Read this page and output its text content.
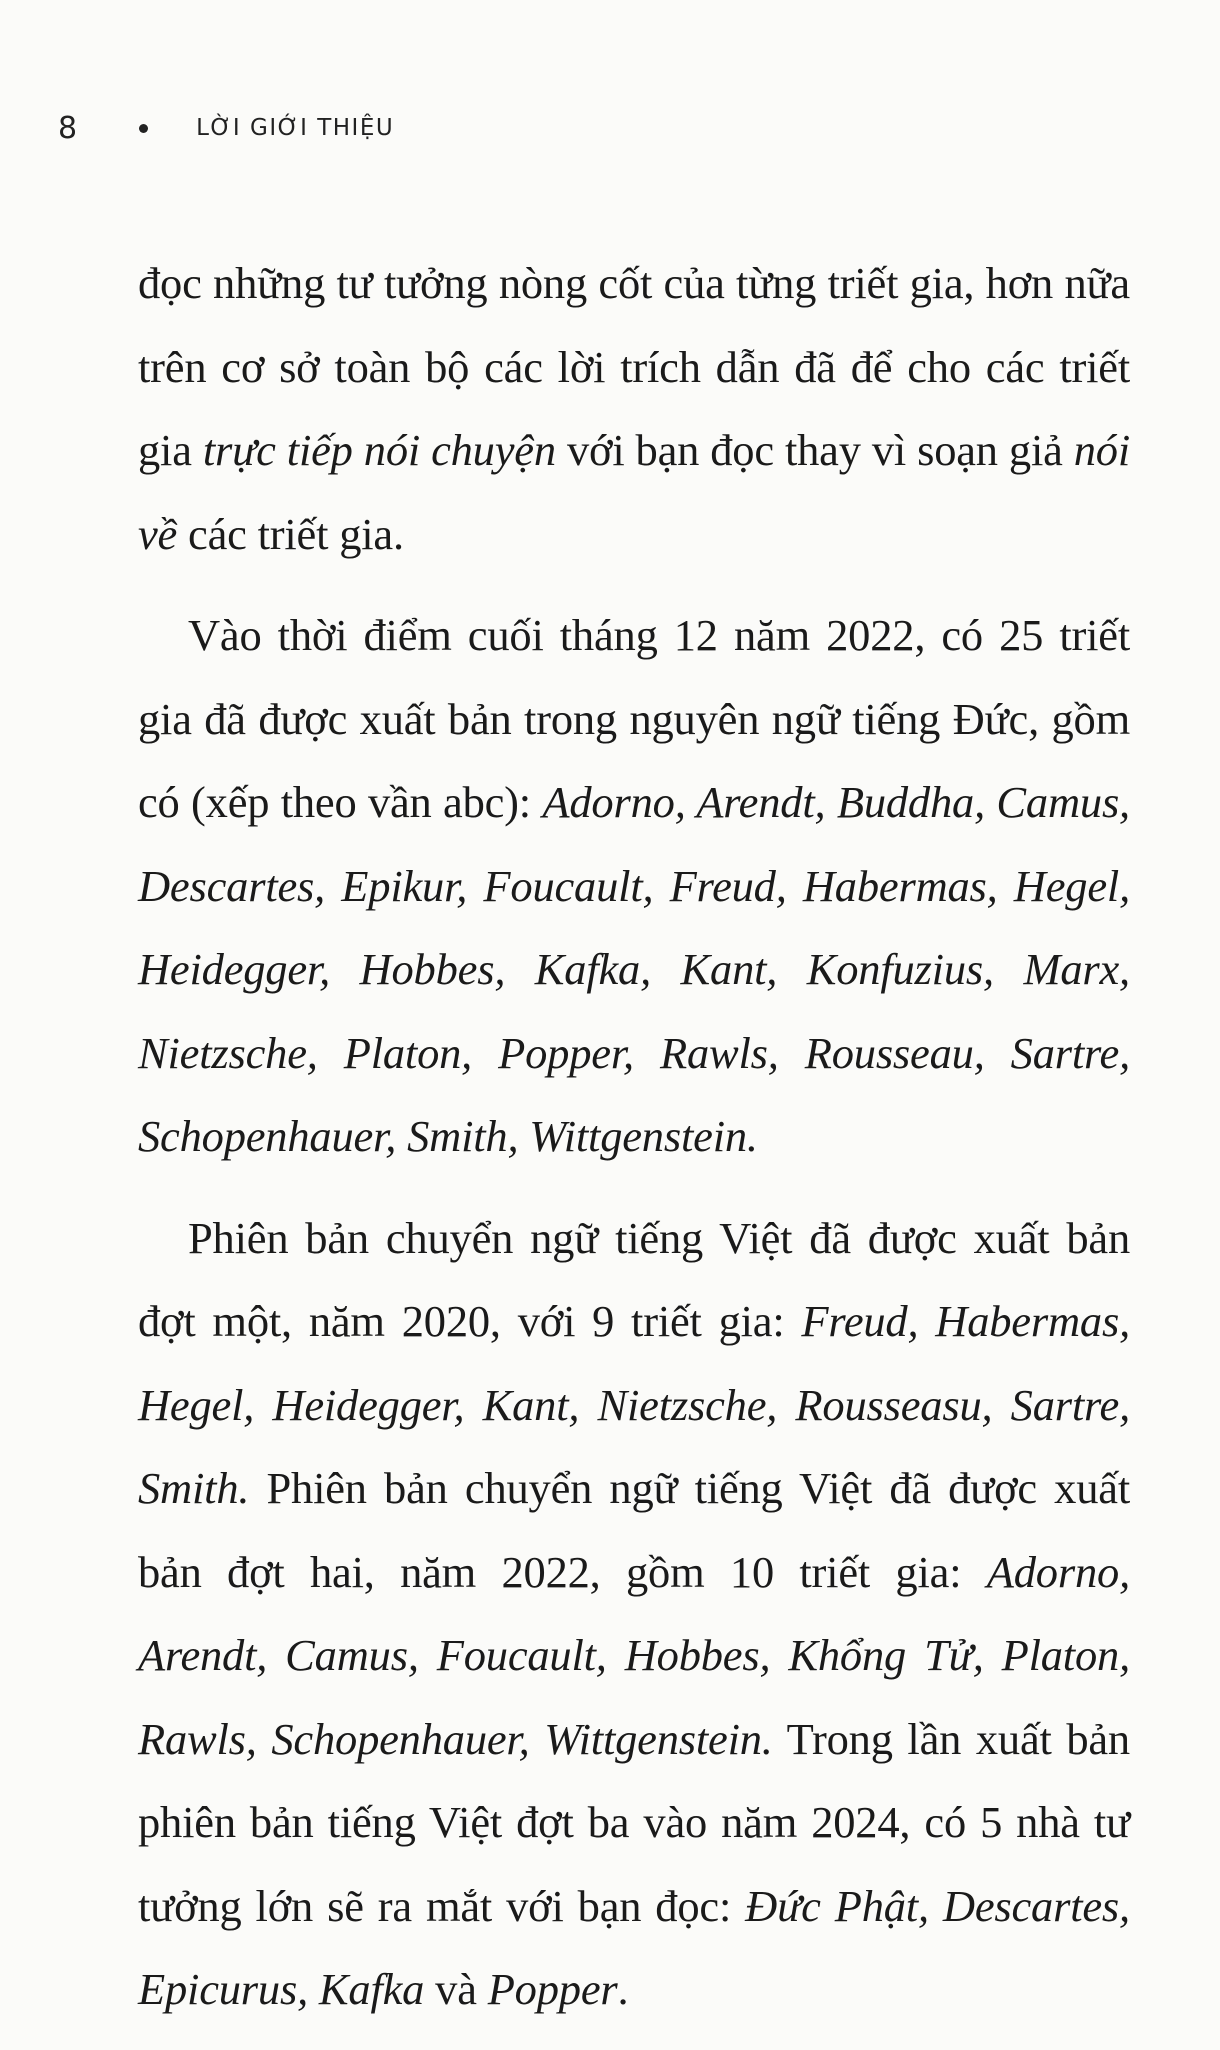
8	LỜI GIỚI THIỆU

đọc những tư tưởng nòng cốt của từng triết gia, hơn nữa trên cơ sở toàn bộ các lời trích dẫn đã để cho các triết gia trực tiếp nói chuyện với bạn đọc thay vì soạn giả nói về các triết gia.

Vào thời điểm cuối tháng 12 năm 2022, có 25 triết gia đã được xuất bản trong nguyên ngữ tiếng Đức, gồm có (xếp theo vần abc): Adorno, Arendt, Buddha, Camus, Descartes, Epikur, Foucault, Freud, Habermas, Hegel, Heidegger, Hobbes, Kafka, Kant, Konfuzius, Marx, Nietzsche, Platon, Popper, Rawls, Rousseau, Sartre, Schopenhauer, Smith, Wittgenstein.

Phiên bản chuyển ngữ tiếng Việt đã được xuất bản đợt một, năm 2020, với 9 triết gia: Freud, Habermas, Hegel, Heidegger, Kant, Nietzsche, Rousseasu, Sartre, Smith. Phiên bản chuyển ngữ tiếng Việt đã được xuất bản đợt hai, năm 2022, gồm 10 triết gia: Adorno, Arendt, Camus, Foucault, Hobbes, Khổng Tử, Platon, Rawls, Schopenhauer, Wittgenstein. Trong lần xuất bản phiên bản tiếng Việt đợt ba vào năm 2024, có 5 nhà tư tưởng lớn sẽ ra mắt với bạn đọc: Đức Phật, Descartes, Epicurus, Kafka và Popper.
